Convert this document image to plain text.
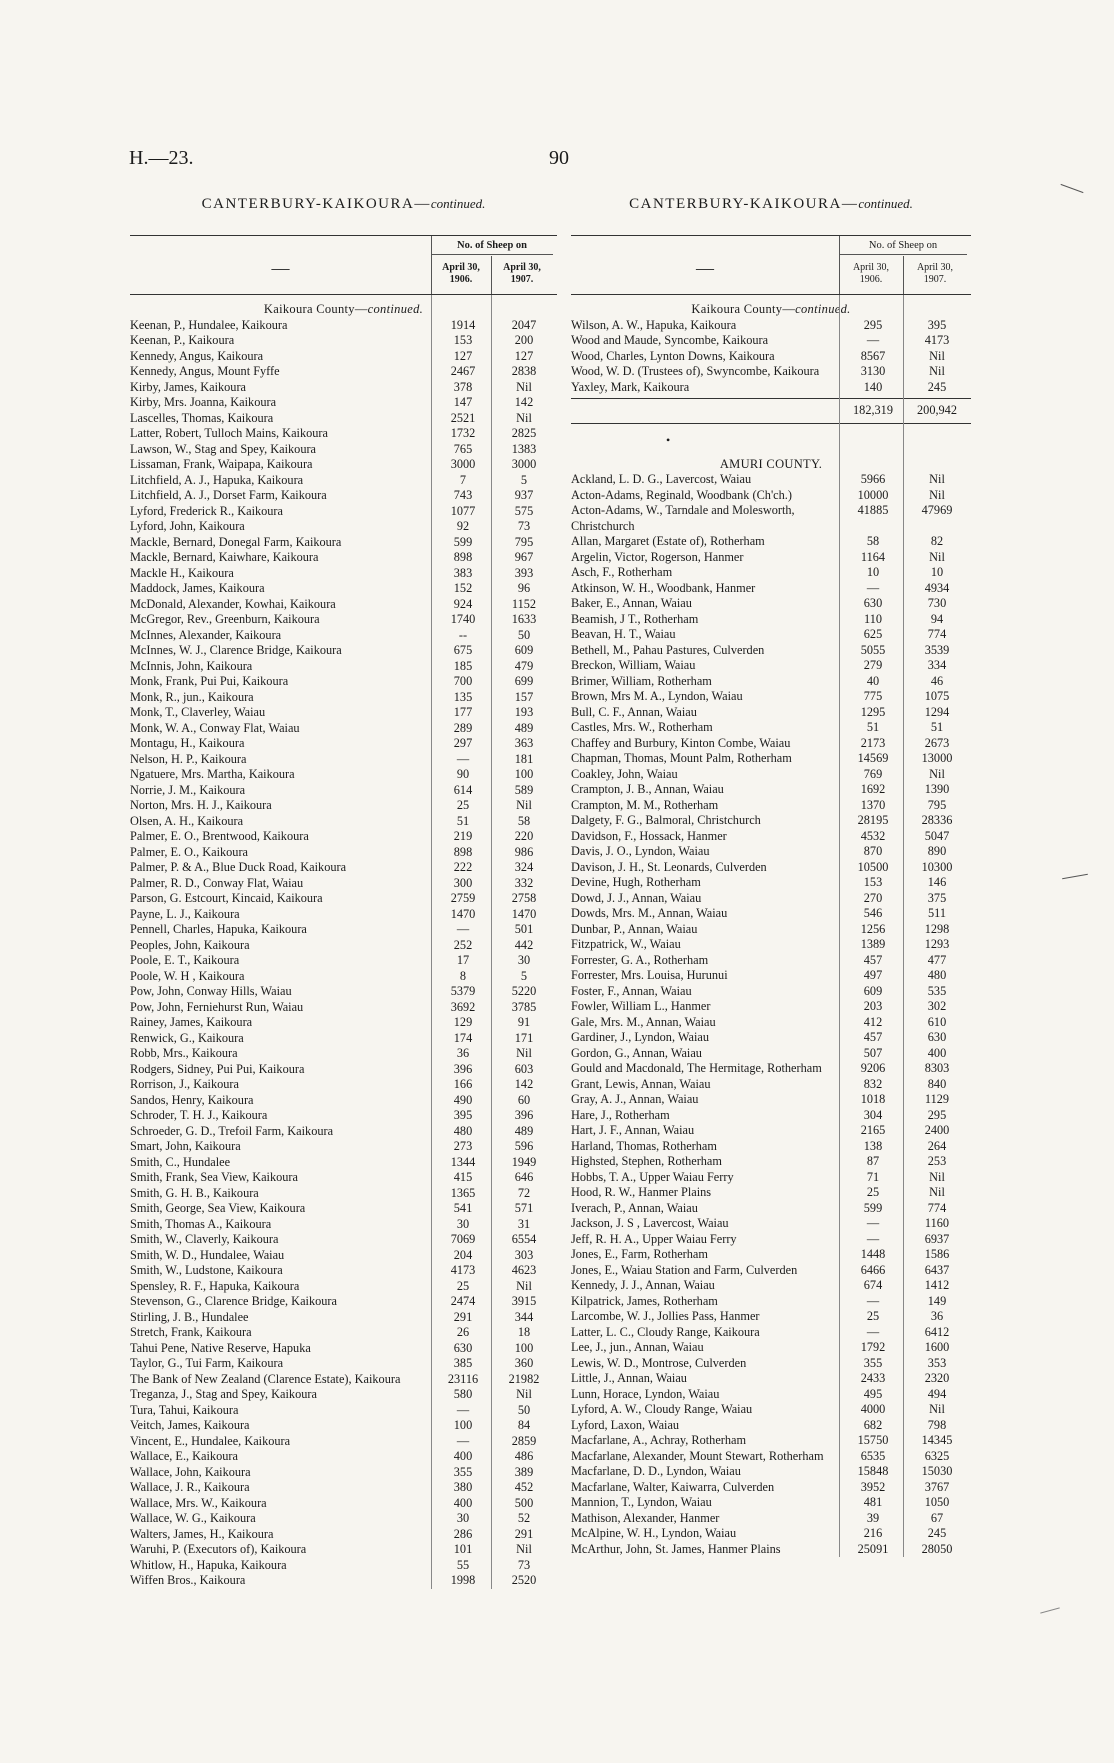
H.—23.	90
CANTERBURY-KAIKOURA—continued.
—
No. of Sheep on
April 30,
1906.
April 30,
1907.
Kaikoura County—continued.
Keenan, P., Hundalee, Kaikoura	1914	2047
Keenan, P., Kaikoura	153	200
Kennedy, Angus, Kaikoura	127	127
Kennedy, Angus, Mount Fyffe	2467	2838
Kirby, James, Kaikoura	378	Nil
Kirby, Mrs. Joanna, Kaikoura	147	142
Lascelles, Thomas, Kaikoura	2521	Nil
Latter, Robert, Tulloch Mains, Kaikoura	1732	2825
Lawson, W., Stag and Spey, Kaikoura	765	1383
Lissaman, Frank, Waipapa, Kaikoura	3000	3000
Litchfield, A. J., Hapuka, Kaikoura	7	5
Litchfield, A. J., Dorset Farm, Kaikoura	743	937
Lyford, Frederick R., Kaikoura	1077	575
Lyford, John, Kaikoura	92	73
Mackle, Bernard, Donegal Farm, Kaikoura	599	795
Mackle, Bernard, Kaiwhare, Kaikoura	898	967
Mackle H., Kaikoura	383	393
Maddock, James, Kaikoura	152	96
McDonald, Alexander, Kowhai, Kaikoura	924	1152
McGregor, Rev., Greenburn, Kaikoura	1740	1633
McInnes, Alexander, Kaikoura	--	50
McInnes, W. J., Clarence Bridge, Kaikoura	675	609
McInnis, John, Kaikoura	185	479
Monk, Frank, Pui Pui, Kaikoura	700	699
Monk, R., jun., Kaikoura	135	157
Monk, T., Claverley, Waiau	177	193
Monk, W. A., Conway Flat, Waiau	289	489
Montagu, H., Kaikoura	297	363
Nelson, H. P., Kaikoura	—	181
Ngatuere, Mrs. Martha, Kaikoura	90	100
Norrie, J. M., Kaikoura	614	589
Norton, Mrs. H. J., Kaikoura	25	Nil
Olsen, A. H., Kaikoura	51	58
Palmer, E. O., Brentwood, Kaikoura	219	220
Palmer, E. O., Kaikoura	898	986
Palmer, P. & A., Blue Duck Road, Kaikoura	222	324
Palmer, R. D., Conway Flat, Waiau	300	332
Parson, G. Estcourt, Kincaid, Kaikoura	2759	2758
Payne, L. J., Kaikoura	1470	1470
Pennell, Charles, Hapuka, Kaikoura	—	501
Peoples, John, Kaikoura	252	442
Poole, E. T., Kaikoura	17	30
Poole, W. H , Kaikoura	8	5
Pow, John, Conway Hills, Waiau	5379	5220
Pow, John, Ferniehurst Run, Waiau	3692	3785
Rainey, James, Kaikoura	129	91
Renwick, G., Kaikoura	174	171
Robb, Mrs., Kaikoura	36	Nil
Rodgers, Sidney, Pui Pui, Kaikoura	396	603
Rorrison, J., Kaikoura	166	142
Sandos, Henry, Kaikoura	490	60
Schroder, T. H. J., Kaikoura	395	396
Schroeder, G. D., Trefoil Farm, Kaikoura	480	489
Smart, John, Kaikoura	273	596
Smith, C., Hundalee	1344	1949
Smith, Frank, Sea View, Kaikoura	415	646
Smith, G. H. B., Kaikoura	1365	72
Smith, George, Sea View, Kaikoura	541	571
Smith, Thomas A., Kaikoura	30	31
Smith, W., Claverly, Kaikoura	7069	6554
Smith, W. D., Hundalee, Waiau	204	303
Smith, W., Ludstone, Kaikoura	4173	4623
Spensley, R. F., Hapuka, Kaikoura	25	Nil
Stevenson, G., Clarence Bridge, Kaikoura	2474	3915
Stirling, J. B., Hundalee	291	344
Stretch, Frank, Kaikoura	26	18
Tahui Pene, Native Reserve, Hapuka	630	100
Taylor, G., Tui Farm, Kaikoura	385	360
The Bank of New Zealand (Clarence Estate), Kaikoura	23116	21982
Treganza, J., Stag and Spey, Kaikoura	580	Nil
Tura, Tahui, Kaikoura	—	50
Veitch, James, Kaikoura	100	84
Vincent, E., Hundalee, Kaikoura	—	2859
Wallace, E., Kaikoura	400	486
Wallace, John, Kaikoura	355	389
Wallace, J. R., Kaikoura	380	452
Wallace, Mrs. W., Kaikoura	400	500
Wallace, W. G., Kaikoura	30	52
Walters, James, H., Kaikoura	286	291
Waruhi, P. (Executors of), Kaikoura	101	Nil
Whitlow, H., Hapuka, Kaikoura	55	73
Wiffen Bros., Kaikoura	1998	2520
CANTERBURY-KAIKOURA—continued.
—
No. of Sheep on
April 30,
1906.
April 30,
1907.
Kaikoura County—continued.
Wilson, A. W., Hapuka, Kaikoura	295	395
Wood and Maude, Syncombe, Kaikoura	—	4173
Wood, Charles, Lynton Downs, Kaikoura	8567	Nil
Wood, W. D. (Trustees of), Swyncombe, Kaikoura	3130	Nil
Yaxley, Mark, Kaikoura	140	245
182,319	200,942
•
AMURI COUNTY.
Ackland, L. D. G., Lavercost, Waiau	5966	Nil
Acton-Adams, Reginald, Woodbank (Ch'ch.)	10000	Nil
Acton-Adams, W., Tarndale and Molesworth, Christchurch
41885	47969
Allan, Margaret (Estate of), Rotherham	58	82
Argelin, Victor, Rogerson, Hanmer	1164	Nil
Asch, F., Rotherham	10	10
Atkinson, W. H., Woodbank, Hanmer	—	4934
Baker, E., Annan, Waiau	630	730
Beamish, J T., Rotherham	110	94
Beavan, H. T., Waiau	625	774
Bethell, M., Pahau Pastures, Culverden	5055	3539
Breckon, William, Waiau	279	334
Brimer, William, Rotherham	40	46
Brown, Mrs M. A., Lyndon, Waiau	775	1075
Bull, C. F., Annan, Waiau	1295	1294
Castles, Mrs. W., Rotherham	51	51
Chaffey and Burbury, Kinton Combe, Waiau	2173	2673
Chapman, Thomas, Mount Palm, Rotherham	14569	13000
Coakley, John, Waiau	769	Nil
Crampton, J. B., Annan, Waiau	1692	1390
Crampton, M. M., Rotherham	1370	795
Dalgety, F. G., Balmoral, Christchurch	28195	28336
Davidson, F., Hossack, Hanmer	4532	5047
Davis, J. O., Lyndon, Waiau	870	890
Davison, J. H., St. Leonards, Culverden	10500	10300
Devine, Hugh, Rotherham	153	146
Dowd, J. J., Annan, Waiau	270	375
Dowds, Mrs. M., Annan, Waiau	546	511
Dunbar, P., Annan, Waiau	1256	1298
Fitzpatrick, W., Waiau	1389	1293
Forrester, G. A., Rotherham	457	477
Forrester, Mrs. Louisa, Hurunui	497	480
Foster, F., Annan, Waiau	609	535
Fowler, William L., Hanmer	203	302
Gale, Mrs. M., Annan, Waiau	412	610
Gardiner, J., Lyndon, Waiau	457	630
Gordon, G., Annan, Waiau	507	400
Gould and Macdonald, The Hermitage, Rotherham	9206	8303
Grant, Lewis, Annan, Waiau	832	840
Gray, A. J., Annan, Waiau	1018	1129
Hare, J., Rotherham	304	295
Hart, J. F., Annan, Waiau	2165	2400
Harland, Thomas, Rotherham	138	264
Highsted, Stephen, Rotherham	87	253
Hobbs, T. A., Upper Waiau Ferry	71	Nil
Hood, R. W., Hanmer Plains	25	Nil
Iverach, P., Annan, Waiau	599	774
Jackson, J. S , Lavercost, Waiau	—	1160
Jeff, R. H. A., Upper Waiau Ferry	—	6937
Jones, E., Farm, Rotherham	1448	1586
Jones, E., Waiau Station and Farm, Culverden	6466	6437
Kennedy, J. J., Annan, Waiau	674	1412
Kilpatrick, James, Rotherham	—	149
Larcombe, W. J., Jollies Pass, Hanmer	25	36
Latter, L. C., Cloudy Range, Kaikoura	—	6412
Lee, J., jun., Annan, Waiau	1792	1600
Lewis, W. D., Montrose, Culverden	355	353
Little, J., Annan, Waiau	2433	2320
Lunn, Horace, Lyndon, Waiau	495	494
Lyford, A. W., Cloudy Range, Waiau	4000	Nil
Lyford, Laxon, Waiau	682	798
Macfarlane, A., Achray, Rotherham	15750	14345
Macfarlane, Alexander, Mount Stewart, Rotherham	6535	6325
Macfarlane, D. D., Lyndon, Waiau	15848	15030
Macfarlane, Walter, Kaiwarra, Culverden	3952	3767
Mannion, T., Lyndon, Waiau	481	1050
Mathison, Alexander, Hanmer	39	67
McAlpine, W. H., Lyndon, Waiau	216	245
McArthur, John, St. James, Hanmer Plains	25091	28050
